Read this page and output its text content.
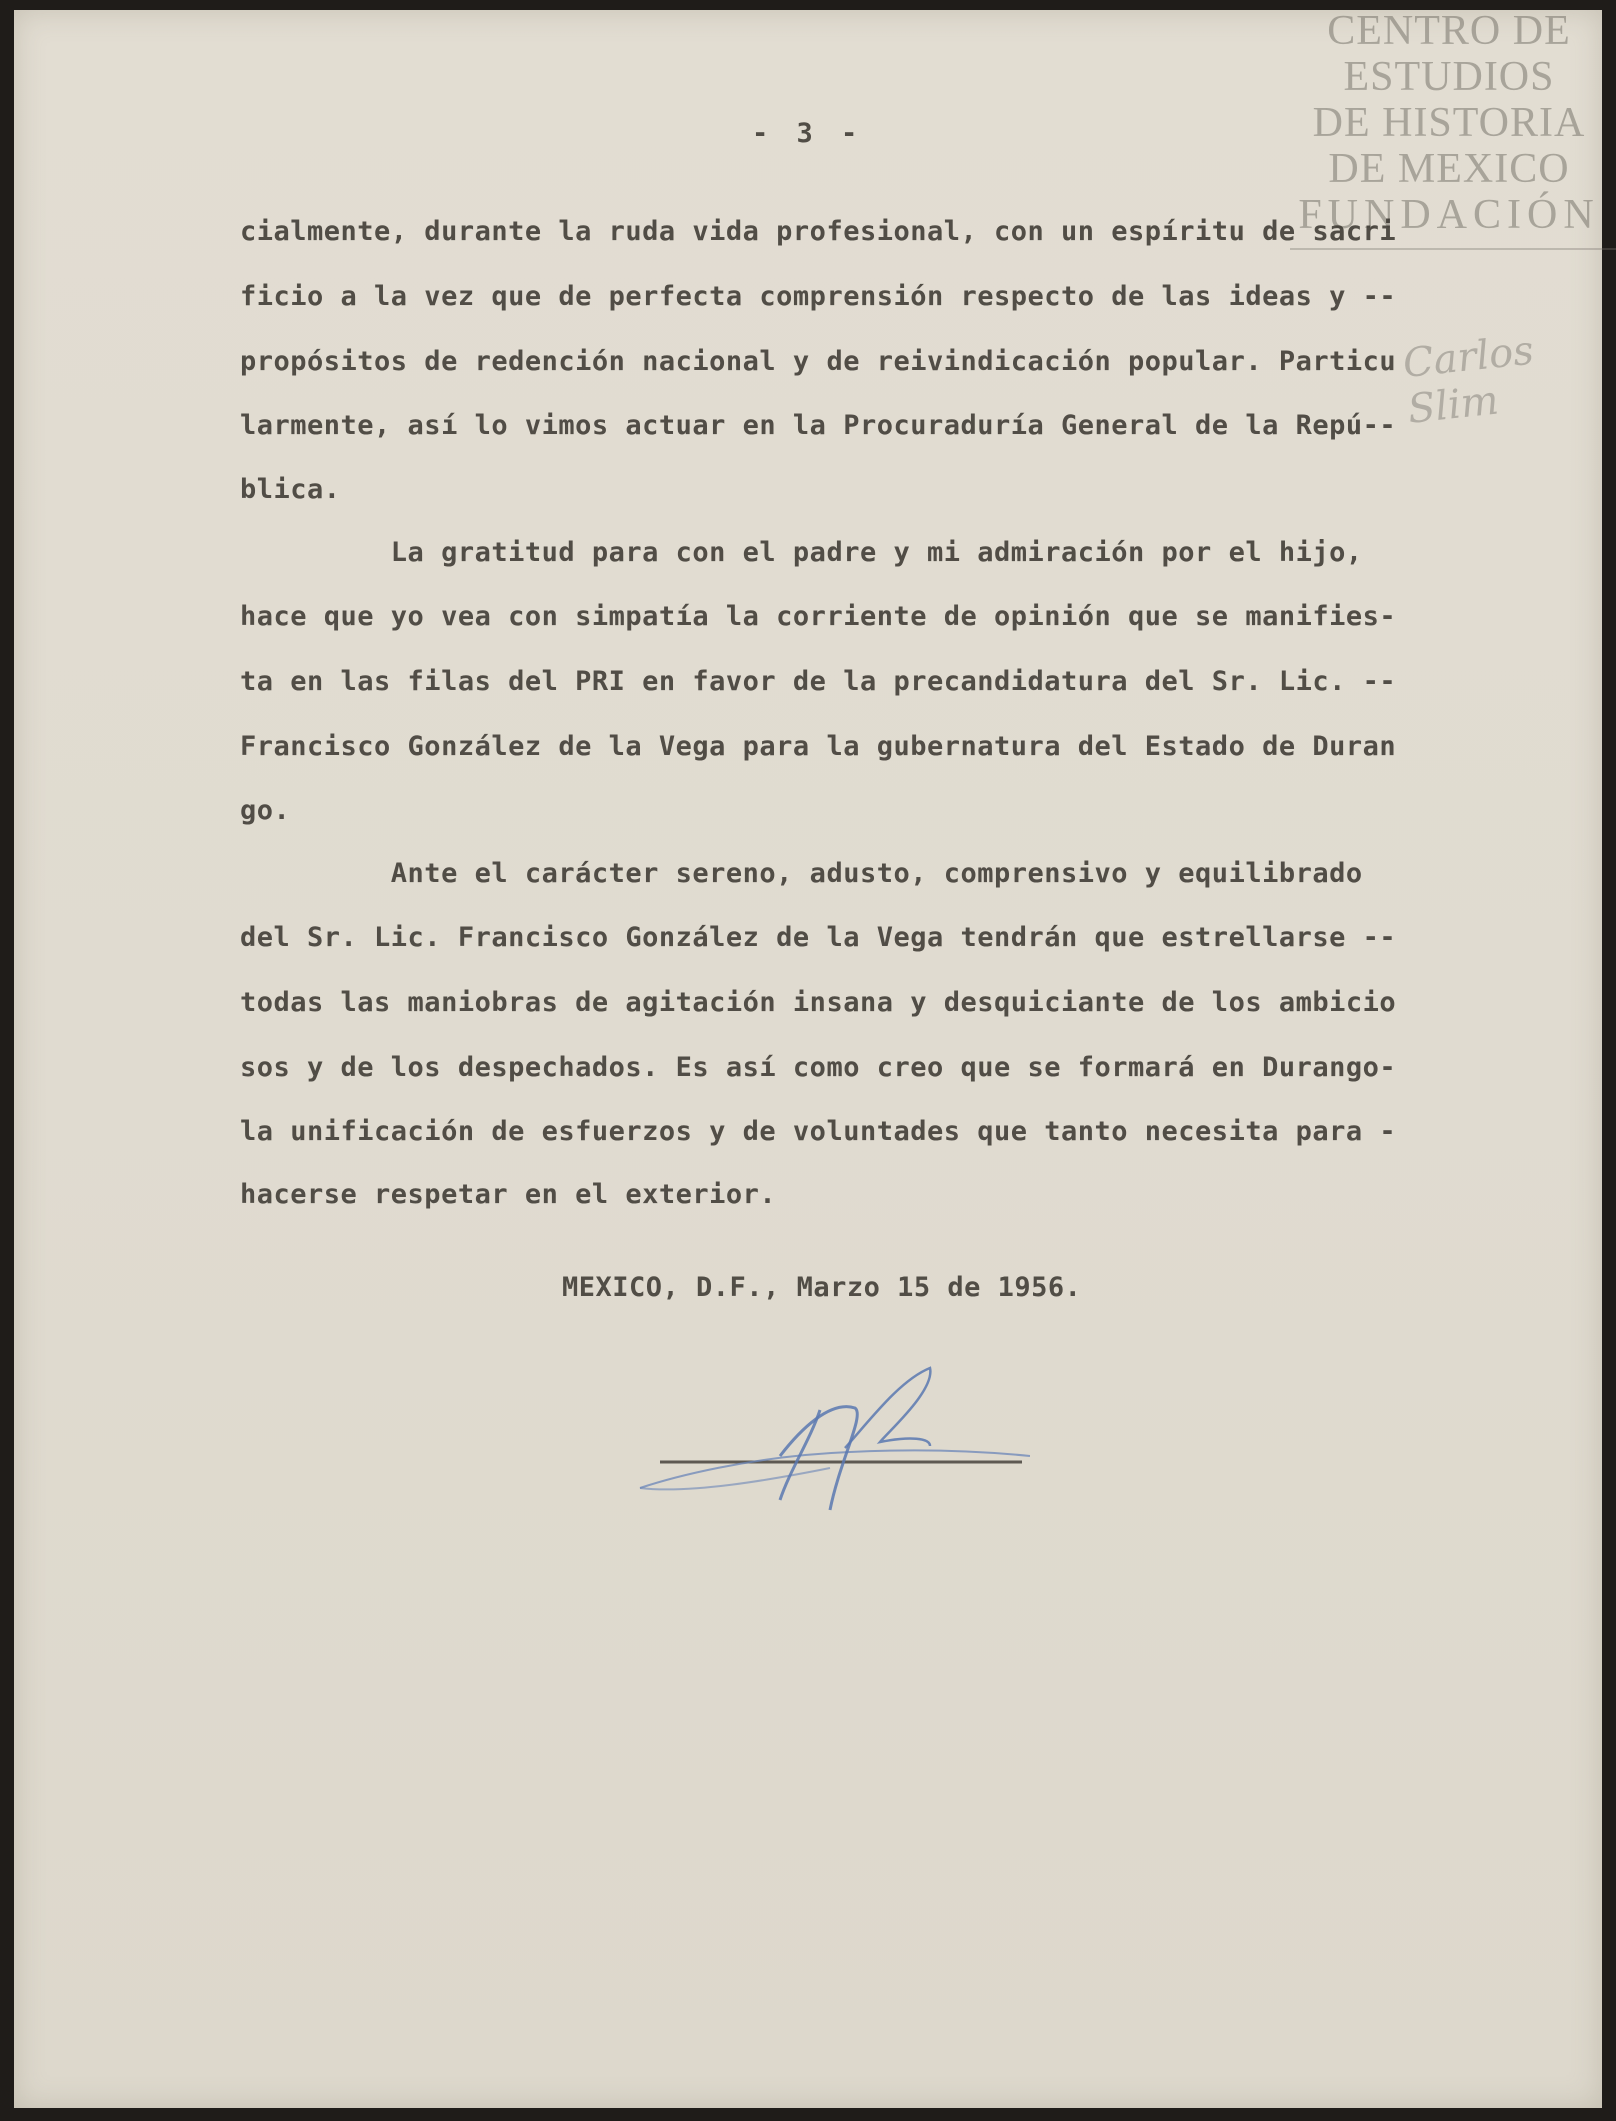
CENTRO DE
ESTUDIOS
DE HISTORIA
DE MEXICO
FUNDACIÓN
Carlos Slim
- 3 -
cialmente, durante la ruda vida profesional, con un espíritu de sacri
ficio a la vez que de perfecta comprensión respecto de las ideas y --
propósitos de redención nacional y de reivindicación popular. Particu
larmente, así lo vimos actuar en la Procuraduría General de la Repú--
blica.
La gratitud para con el padre y mi admiración por el hijo,
hace que yo vea con simpatía la corriente de opinión que se manifies-
ta en las filas del PRI en favor de la precandidatura del Sr. Lic. --
Francisco González de la Vega para la gubernatura del Estado de Duran
go.
Ante el carácter sereno, adusto, comprensivo y equilibrado
del Sr. Lic. Francisco González de la Vega tendrán que estrellarse --
todas las maniobras de agitación insana y desquiciante de los ambicio
sos y de los despechados. Es así como creo que se formará en Durango-
la unificación de esfuerzos y de voluntades que tanto necesita para -
hacerse respetar en el exterior.
MEXICO, D.F., Marzo 15 de 1956.
